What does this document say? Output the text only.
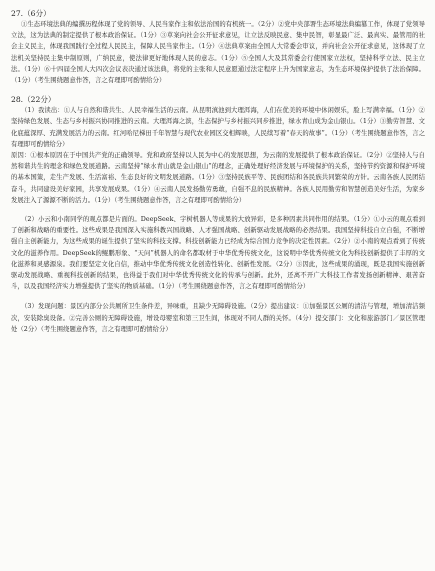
27.（6分）

①生态环境法典的编撰历程体现了党的领导、人民当家作主和依法治国的有机统一。（2分）②党中央部署生态环境法典编纂工作，体现了党领导立法，这为法典的制定提供了根本政治保证。（1分）③草案向社会公开征求意见，让立法反映民意、集中民智，彰显最广泛、最真实、最管用的社会主义民主，体现我国践行全过程人民民主，保障人民当家作主。（1分）④法典草案由全国人大常委会审议，并向社会公开征求意见，这体现了立法机关坚持民主集中制原则，广纳民意，使法律更好地体现人民的意志。（1分）⑤全国人大及其常委会行使国家立法权，坚持科学立法、民主立法。（1分）⑥十四届全国人大四次会议表决通过该法典，将党的主张和人民意愿通过法定程序上升为国家意志，为生态环境保护提供了法治保障。（1分）（考生围绕题意作答，言之有理即可酌情给分）

28.（22分）

（1）我读出：①人与自然和谐共生、人民幸福生活的云南。从昆明滇池到大理洱海，人们在优美的环境中休闲娱乐，脸上写满幸福。（1分）②坚持绿色发展、生态与乡村振兴协同推进的云南。大理洱海之滨，生态保护与乡村振兴同步推进，绿水青山成为金山银山。（1分）③勤劳智慧、文化底蕴深厚、充满发展活力的云南。红河哈尼梯田千年智慧与现代农业园区交相辉映，人民续写着“春天的故事”。（1分）（考生围绕题意作答，言之有理即可酌情给分）

原因：①根本原因在于中国共产党的正确领导。党和政府坚持以人民为中心的发展思想，为云南的发展提供了根本政治保证。（2分）②坚持人与自然和谐共生的理念和绿色发展道路。云南坚持“绿水青山就是金山银山”的理念，正确处理好经济发展与环境保护的关系，坚持节约资源和保护环境的基本国策，走生产发展、生活富裕、生态良好的文明发展道路。（1分）③坚持民族平等、民族团结和各民族共同繁荣的方针。云南各族人民团结奋斗，共同建设美好家园，共享发展成果。（1分）④云南人民发扬勤劳勇敢，自强不息的民族精神。各族人民用勤劳和智慧创造美好生活，为家乡发展注入了源源不断的活力。（1分）（考生围绕题意作答，言之有理即可酌情给分）

（2）小云和小南同学的观点都是片面的。DeepSeek、宇树机器人等成果的大放异彩，是多种因素共同作用的结果。（1分）①小云的观点看到了创新和战略的重要性。这些成果是我国深入实施科教兴国战略、人才强国战略、创新驱动发展战略的必然结果。我国坚持科技自立自强，不断增强自主创新能力，为这些成果的诞生提供了坚实的科技支撑。科技创新能力已经成为综合国力竞争的决定性因素。（2分）②小南的观点看到了传统文化的滋养作用。DeepSeek的鲲鹏形象、“天问”机器人的命名都取材于中华优秀传统文化，这说明中华优秀传统文化为科技创新提供了丰厚的文化滋养和灵感源泉。我们要坚定文化自信，推动中华优秀传统文化创造性转化、创新性发展。（2分）③因此，这些成果的涌现，既是我国实施创新驱动发展战略、重视科技创新的结果，也得益于我们对中华优秀传统文化的传承与创新。此外，还离不开广大科技工作者发扬创新精神、艰苦奋斗，以及我国经济实力增强提供了坚实的物质基础。（1分）（考生围绕题意作答，言之有理即可酌情给分）

（3）发现问题：景区内部分公共厕所卫生条件差，异味重，且缺少无障碍设施。（2分）提出建议：①加强景区公厕的清洁与管理，增加清洁频次，安装除臭设备。②完善公厕的无障碍设施，增设母婴室和第三卫生间，体现对不同人群的关怀。（4分）提交部门：文化和旅游部门／景区管理处（2分）（考生围绕题意作答，言之有理即可酌情给分）
